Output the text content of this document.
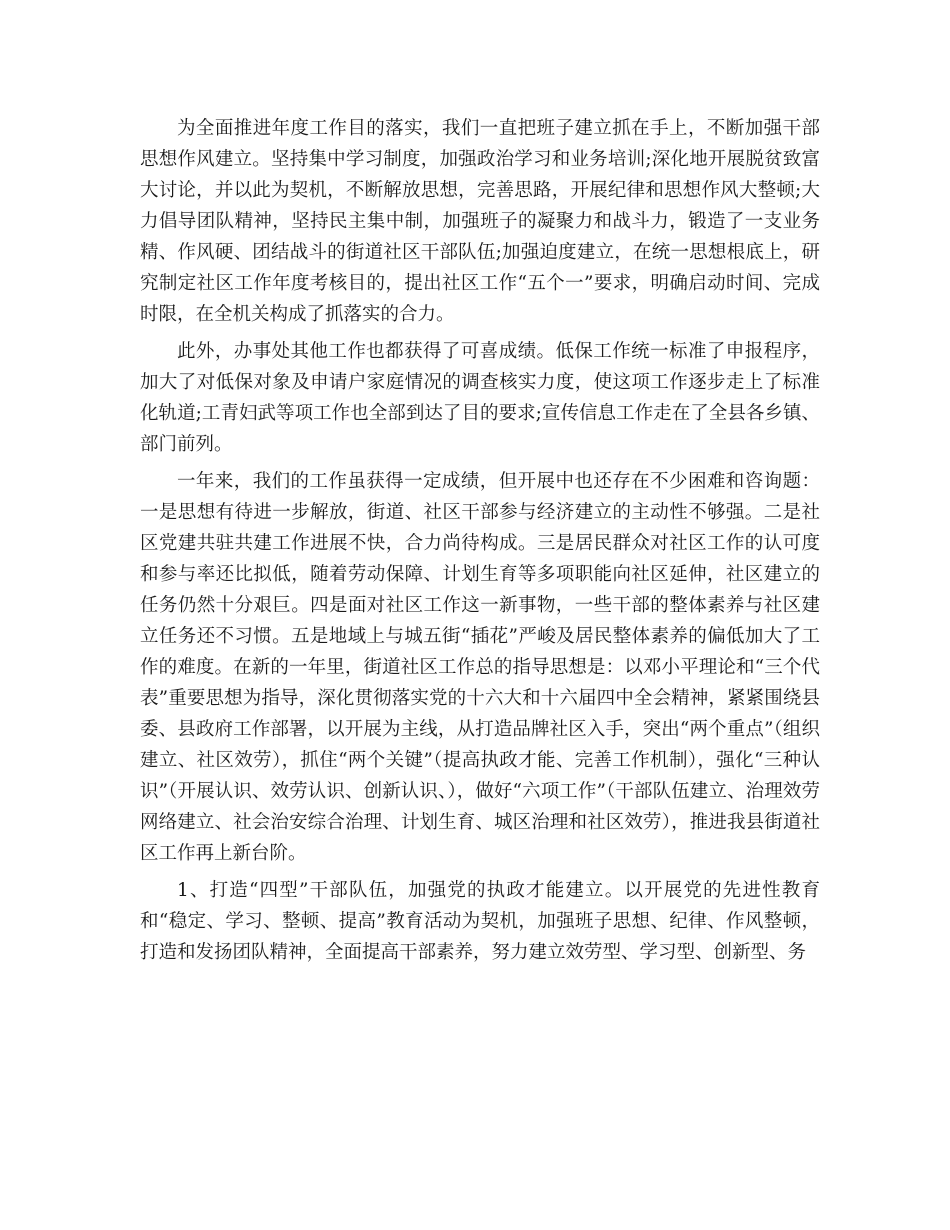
为全面推进年度工作目的落实，我们一直把班子建立抓在手上，不断加强干部思想作风建立。坚持集中学习制度，加强政治学习和业务培训;深化地开展脱贫致富大讨论，并以此为契机，不断解放思想，完善思路，开展纪律和思想作风大整顿;大力倡导团队精神，坚持民主集中制，加强班子的凝聚力和战斗力，锻造了一支业务精、作风硬、团结战斗的街道社区干部队伍;加强迫度建立，在统一思想根底上，研究制定社区工作年度考核目的，提出社区工作“五个一”要求，明确启动时间、完成时限，在全机关构成了抓落实的合力。

此外，办事处其他工作也都获得了可喜成绩。低保工作统一标准了申报程序，加大了对低保对象及申请户家庭情况的调查核实力度，使这项工作逐步走上了标准化轨道;工青妇武等项工作也全部到达了目的要求;宣传信息工作走在了全县各乡镇、部门前列。

一年来，我们的工作虽获得一定成绩，但开展中也还存在不少困难和咨询题：一是思想有待进一步解放，街道、社区干部参与经济建立的主动性不够强。二是社区党建共驻共建工作进展不快，合力尚待构成。三是居民群众对社区工作的认可度和参与率还比拟低，随着劳动保障、计划生育等多项职能向社区延伸，社区建立的任务仍然十分艰巨。四是面对社区工作这一新事物，一些干部的整体素养与社区建立任务还不习惯。五是地域上与城五街“插花”严峻及居民整体素养的偏低加大了工作的难度。在新的一年里，街道社区工作总的指导思想是：以邓小平理论和“三个代表”重要思想为指导，深化贯彻落实党的十六大和十六届四中全会精神，紧紧围绕县委、县政府工作部署，以开展为主线，从打造品牌社区入手，突出“两个重点”（组织建立、社区效劳），抓住“两个关键”（提高执政才能、完善工作机制），强化“三种认识”（开展认识、效劳认识、创新认识、），做好“六项工作”（干部队伍建立、治理效劳网络建立、社会治安综合治理、计划生育、城区治理和社区效劳），推进我县街道社区工作再上新台阶。

1、打造“四型”干部队伍，加强党的执政才能建立。以开展党的先进性教育和“稳定、学习、整顿、提高”教育活动为契机，加强班子思想、纪律、作风整顿，打造和发扬团队精神，全面提高干部素养，努力建立效劳型、学习型、创新型、务
